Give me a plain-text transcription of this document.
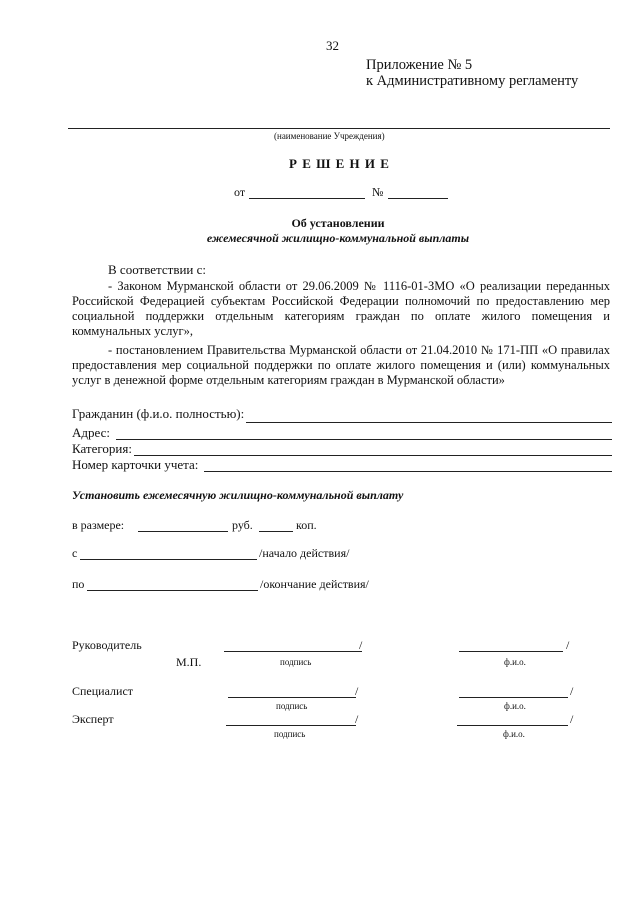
32
Приложение № 5
к Административному регламенту
(наименование Учреждения)
Р Е Ш Е Н И Е
от	№
Об установлении
ежемесячной жилищно-коммунальной выплаты
В соответствии с:
- Законом Мурманской области от 29.06.2009 № 1116-01-ЗМО «О реализации переданных Российской Федерацией субъектам Российской Федерации полномочий по предоставлению мер социальной поддержки отдельным категориям граждан по оплате жилого помещения и коммунальных услуг»,
- постановлением Правительства Мурманской области от 21.04.2010 № 171-ПП «О правилах предоставления мер социальной поддержки по оплате жилого помещения и (или) коммунальных услуг в денежной форме отдельным категориям граждан в Мурманской области»
Гражданин (ф.и.о. полностью):
Адрес:
Категория:
Номер карточки учета:
Установить ежемесячную жилищно-коммунальной выплату
в размере:	руб.	коп.
с	/начало действия/
по	/окончание действия/
Руководитель	/	/
М.П.	подпись	ф.и.о.
Специалист	/	/
подпись	ф.и.о.
Эксперт	/	/
подпись	ф.и.о.
